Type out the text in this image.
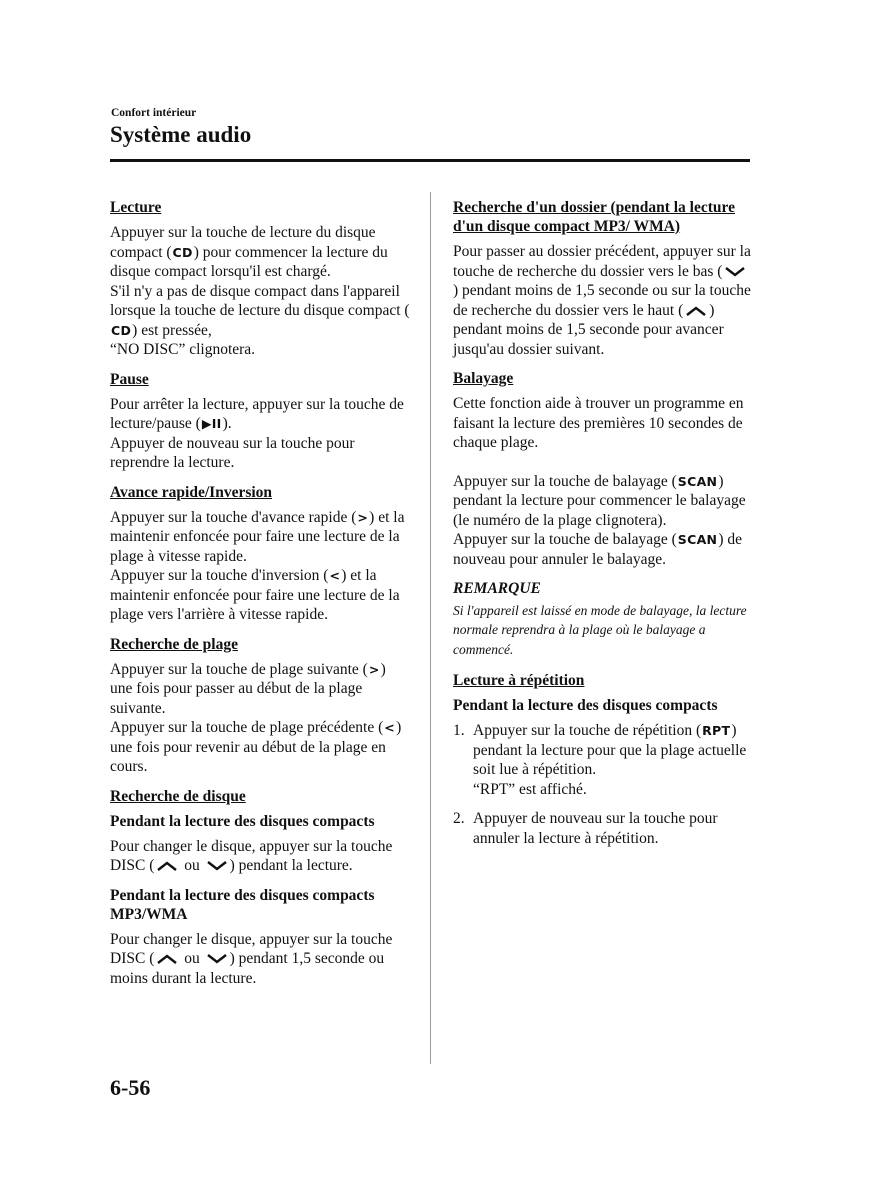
Confort intérieur
Système audio
Lecture

Appuyer sur la touche de lecture du disque compact (CD) pour commencer la lecture du disque compact lorsqu'il est chargé.

S'il n'y a pas de disque compact dans l'appareil lorsque la touche de lecture du disque compact (CD) est pressée,

“NO DISC” clignotera.

Pause

Pour arrêter la lecture, appuyer sur la touche de lecture/pause (▶II).

Appuyer de nouveau sur la touche pour reprendre la lecture.

Avance rapide/Inversion

Appuyer sur la touche d'avance rapide (>) et la maintenir enfoncée pour faire une lecture de la plage à vitesse rapide.

Appuyer sur la touche d'inversion (<) et la maintenir enfoncée pour faire une lecture de la plage vers l'arrière à vitesse rapide.

Recherche de plage

Appuyer sur la touche de plage suivante (>) une fois pour passer au début de la plage suivante.

Appuyer sur la touche de plage précédente (<) une fois pour revenir au début de la plage en cours.

Recherche de disque
Pendant la lecture des disques compacts

Pour changer le disque, appuyer sur la touche DISC ( ou ) pendant la lecture.

Pendant la lecture des disques compacts MP3/WMA

Pour changer le disque, appuyer sur la touche DISC ( ou ) pendant 1,5 seconde ou moins durant la lecture.

Recherche d'un dossier (pendant la lecture d'un disque compact MP3/ WMA)

Pour passer au dossier précédent, appuyer sur la touche de recherche du dossier vers le bas () pendant moins de 1,5 seconde ou sur la touche de recherche du dossier vers le haut ( ) pendant moins de 1,5 seconde pour avancer jusqu'au dossier suivant.

Balayage

Cette fonction aide à trouver un programme en faisant la lecture des premières 10 secondes de chaque plage.

Appuyer sur la touche de balayage (SCAN) pendant la lecture pour commencer le balayage (le numéro de la plage clignotera).

Appuyer sur la touche de balayage (SCAN) de nouveau pour annuler le balayage.

REMARQUE
Si l'appareil est laissé en mode de balayage, la lecture normale reprendra à la plage où le balayage a commencé.
Lecture à répétition
Pendant la lecture des disques compacts
1. Appuyer sur la touche de répétition (RPT) pendant la lecture pour que la plage actuelle soit lue à répétition.
“RPT” est affiché.
2. Appuyer de nouveau sur la touche pour annuler la lecture à répétition.
6-56
